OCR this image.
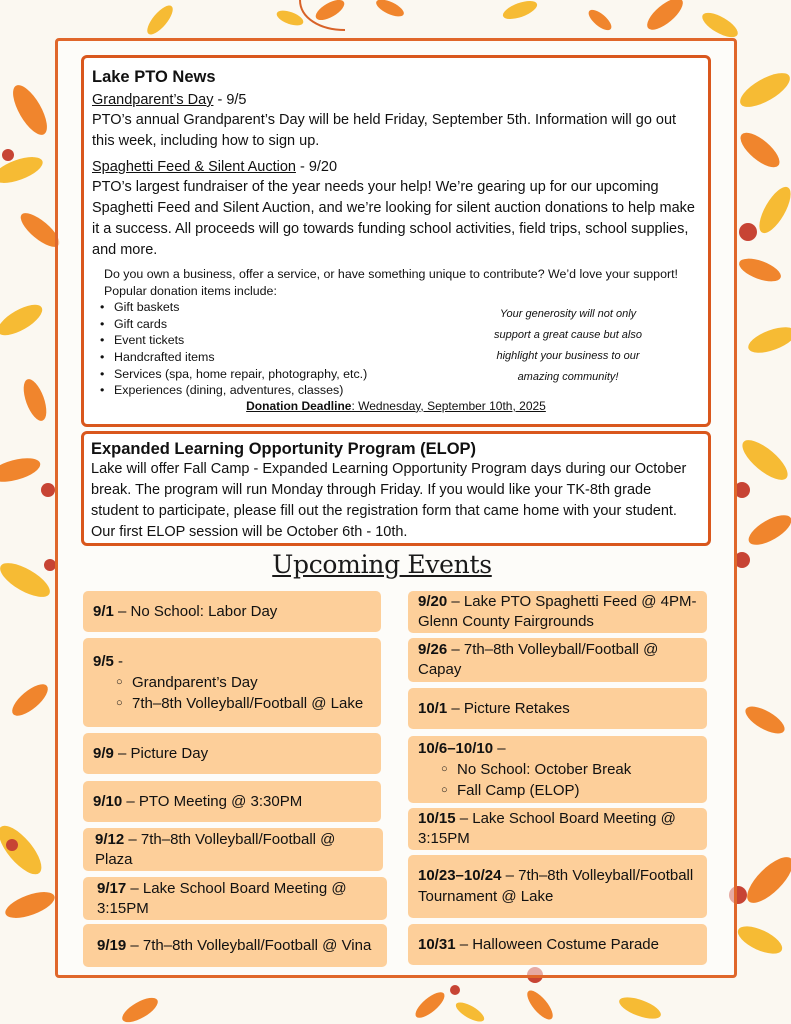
Lake PTO News
Grandparent’s Day - 9/5

PTO’s annual Grandparent’s Day will be held Friday, September 5th. Information will go out this week, including how to sign up.

Spaghetti Feed & Silent Auction - 9/20

PTO’s largest fundraiser of the year needs your help! We’re gearing up for our upcoming Spaghetti Feed and Silent Auction, and we’re looking for silent auction donations to help make it a success. All proceeds will go towards funding school activities, field trips, school supplies, and more.

Do you own a business, offer a service, or have something unique to contribute? We’d love your support!

Popular donation items include:

• Gift baskets
• Gift cards
• Event tickets
• Handcrafted items
• Services (spa, home repair, photography, etc.)
• Experiences (dining, adventures, classes)

Your generosity will not only support a great cause but also highlight your business to our amazing community!

Donation Deadline: Wednesday, September 10th, 2025

Expanded Learning Opportunity Program (ELOP)

Lake will offer Fall Camp - Expanded Learning Opportunity Program days during our October break. The program will run Monday through Friday. If you would like your TK-8th grade student to participate, please fill out the registration form that came home with your student. Our first ELOP session will be October 6th - 10th.

Upcoming Events
9/1 – No School: Labor Day
9/5 -
○ Grandparent’s Day
○ 7th–8th Volleyball/Football @ Lake
9/9 – Picture Day
9/10 – PTO Meeting @ 3:30PM
9/12 – 7th–8th Volleyball/Football @ Plaza
9/17 – Lake School Board Meeting @ 3:15PM
9/19 – 7th–8th Volleyball/Football @ Vina
9/20 – Lake PTO Spaghetti Feed @ 4PM- Glenn County Fairgrounds
9/26 – 7th–8th Volleyball/Football @ Capay
10/1 – Picture Retakes
10/6–10/10 –
○ No School: October Break
○ Fall Camp (ELOP)
10/15 – Lake School Board Meeting @ 3:15PM
10/23–10/24 – 7th–8th Volleyball/Football Tournament @ Lake
10/31 – Halloween Costume Parade
